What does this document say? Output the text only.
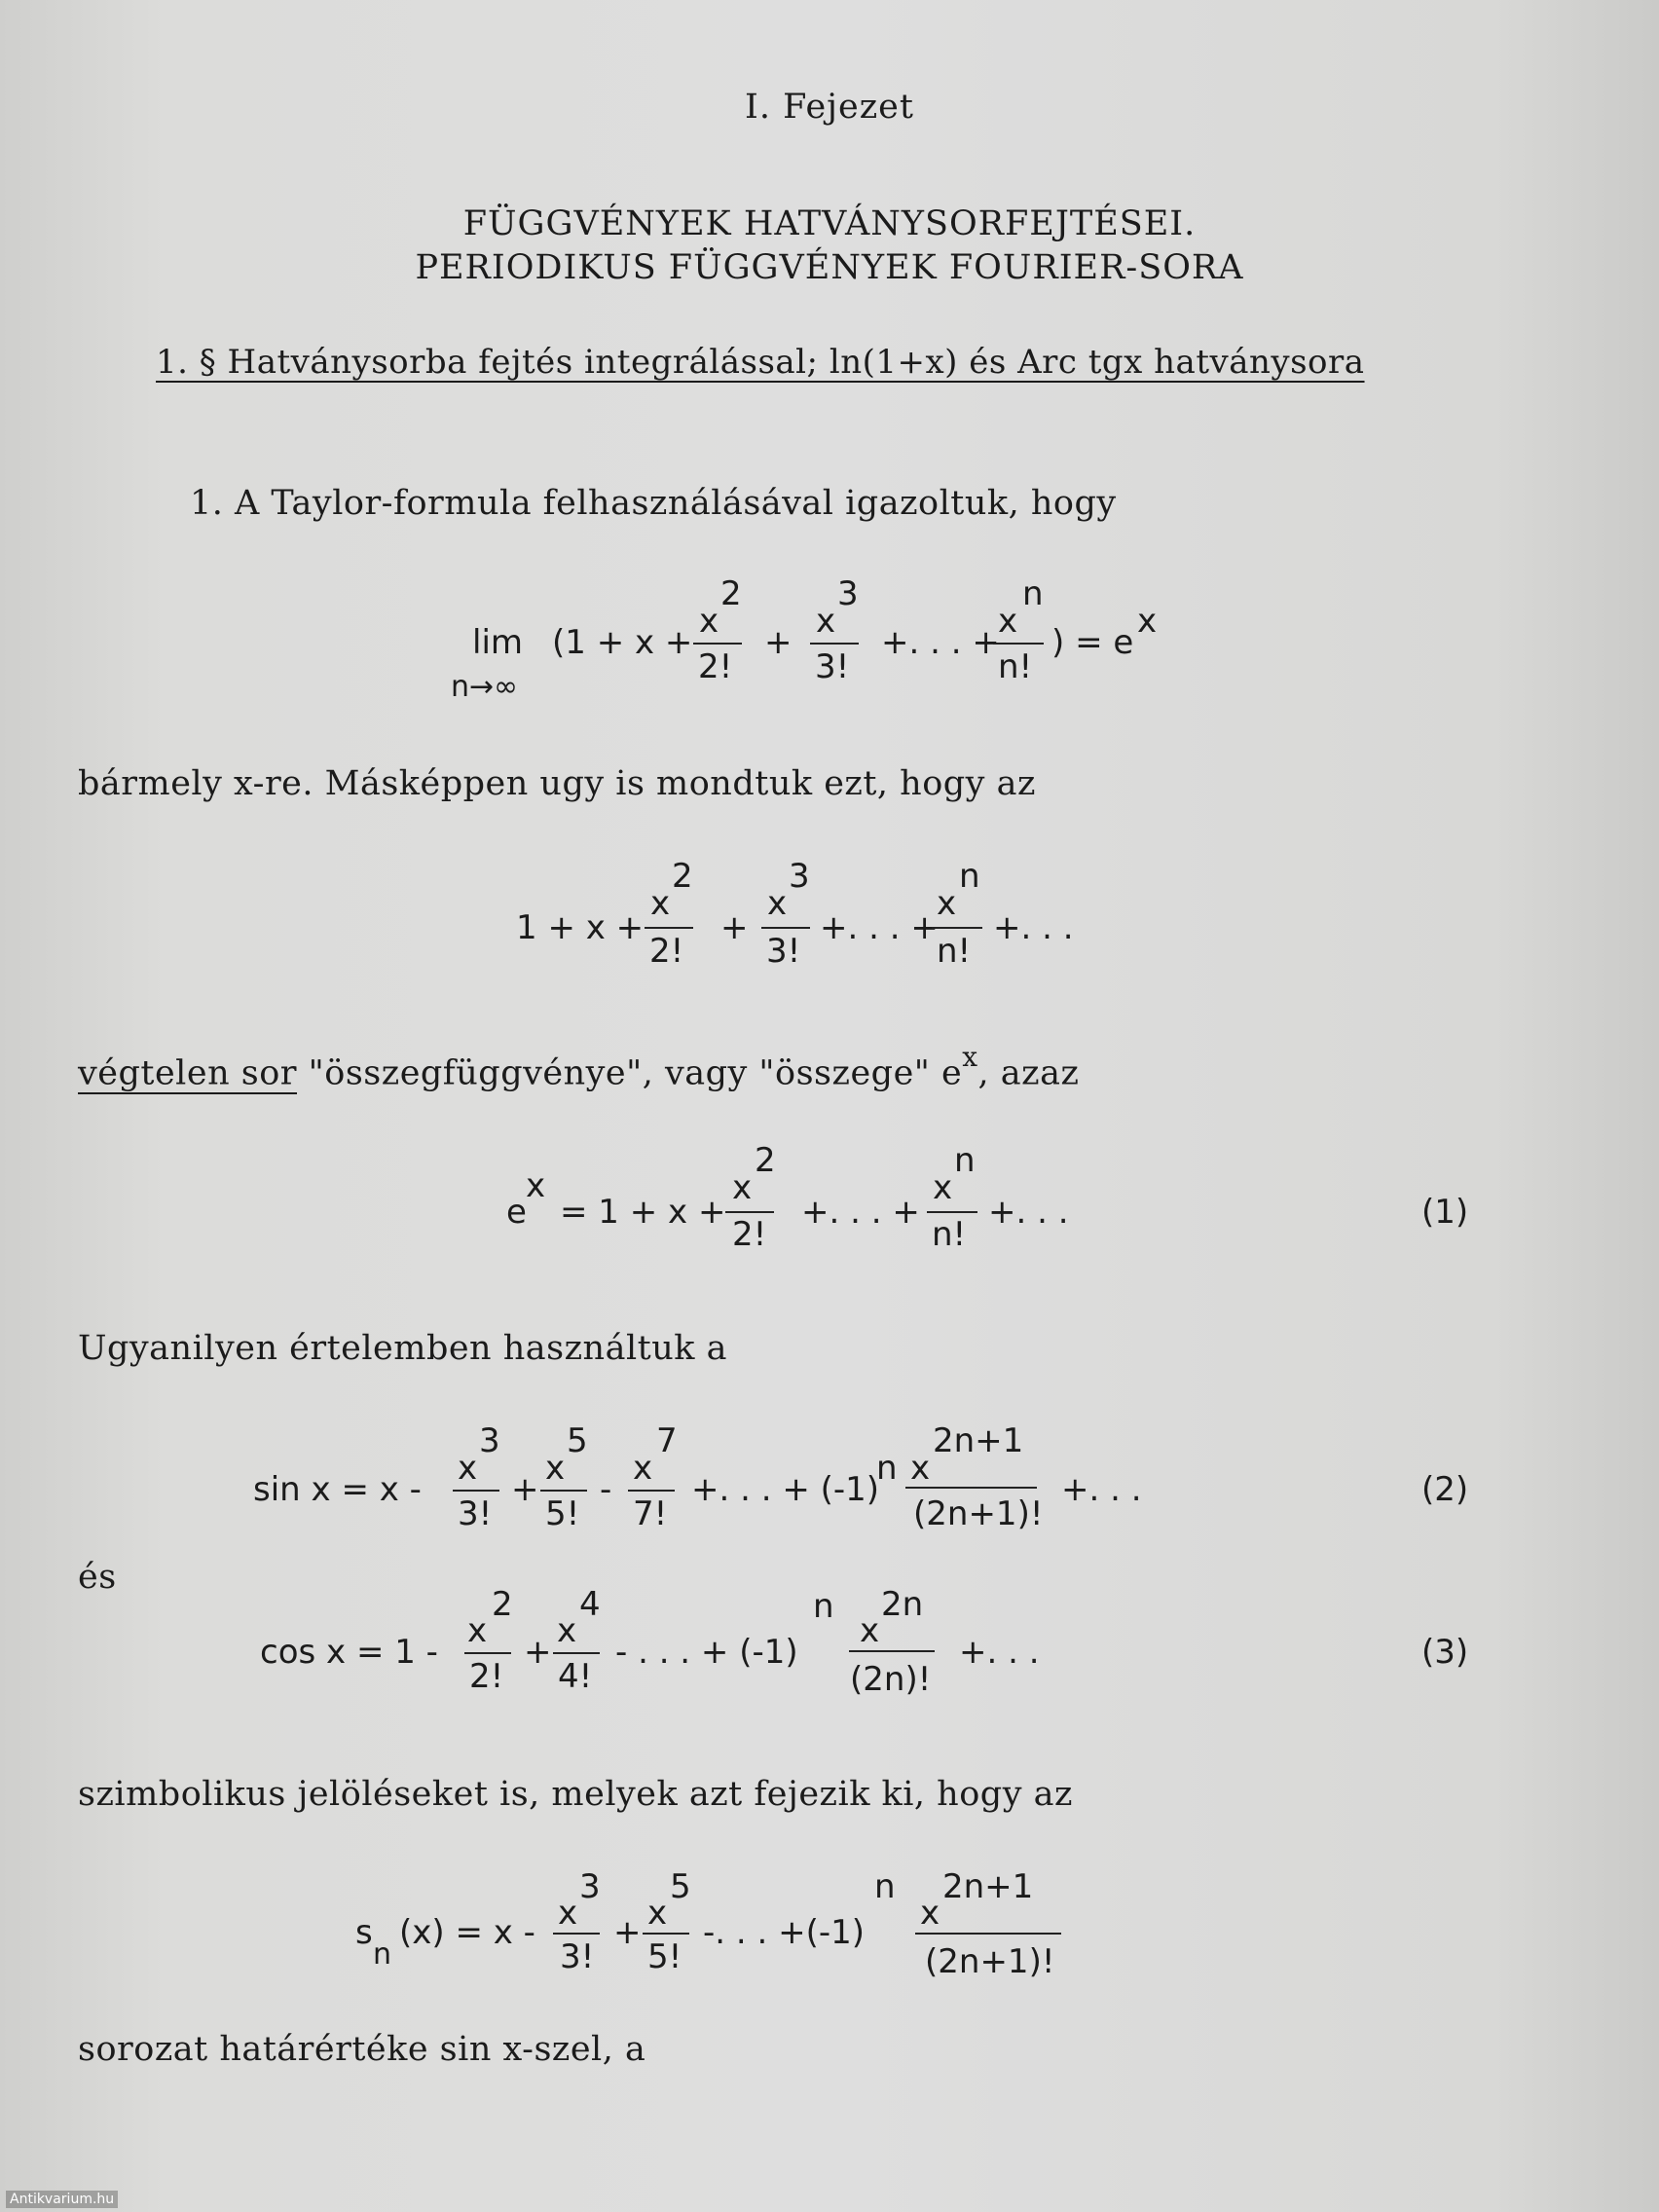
I. Fejezet
FÜGGVÉNYEK HATVÁNYSORFEJTÉSEI.
PERIODIKUS FÜGGVÉNYEK FOURIER-SORA
1. § Hatványsorba fejtés integrálással; ln(1+x) és Arc tgx hatványsora
1. A Taylor-formula felhasználásával igazoltuk, hogy
lim
n→∞
(1 + x +
x
2
2!
+
x
3
3!
+. . . +
x
n
n!
) = e
x
bármely x-re. Másképpen ugy is mondtuk ezt, hogy az
1 + x +
x
2
2!
+
x
3
3!
+. . . +
x
n
n!
+. . .
végtelen sor "összegfüggvénye", vagy "összege" $e^x$, azaz
e
x
= 1 + x +
x
2
2!
+. . . +
x
n
n!
+. . .	(1)
Ugyanilyen értelemben használtuk a
sin x = x -
x
3
3!
+
x
5
5!
-
x
7
7!
+. . . + (-1)
n x
2n+1
(2n+1)!
+. . .	(2)
és
cos x = 1 -
x
2
2!
+
x
4
4!
- . . . + (-1)
n
x
2n
(2n)!
+. . .	(3)
szimbolikus jelöléseket is, melyek azt fejezik ki, hogy az
s
n
(x) = x - x
3
3!
+ x
5
5!
-. . . +(-1)
n
x
2n+1
(2n+1)!
sorozat határértéke sin x-szel, a
Antikvarium.hu
